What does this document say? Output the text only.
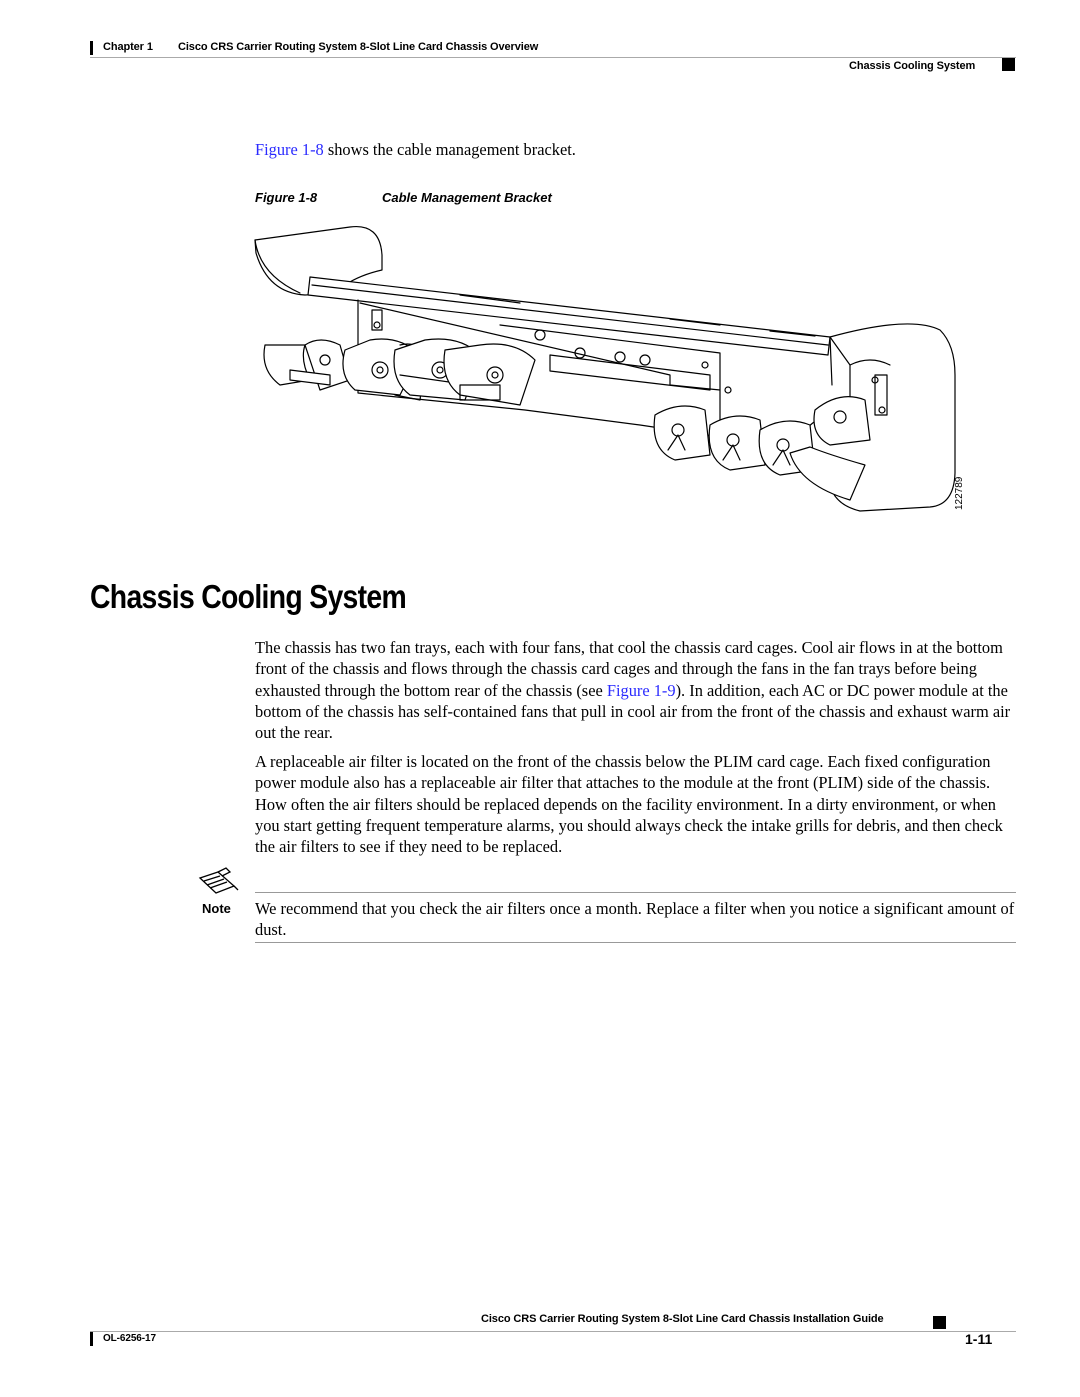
Chapter 1 Cisco CRS Carrier Routing System 8-Slot Line Card Chassis Overview
Chassis Cooling System
Figure 1-8 shows the cable management bracket.
Figure 1-8	Cable Management Bracket
122789
Chassis Cooling System

The chassis has two fan trays, each with four fans, that cool the chassis card cages. Cool air flows in at the bottom front of the chassis and flows through the chassis card cages and through the fans in the fan trays before being exhausted through the bottom rear of the chassis (see Figure 1-9). In addition, each AC or DC power module at the bottom of the chassis has self-contained fans that pull in cool air from the front of the chassis and exhaust warm air out the rear.

A replaceable air filter is located on the front of the chassis below the PLIM card cage. Each fixed configuration power module also has a replaceable air filter that attaches to the module at the front (PLIM) side of the chassis. How often the air filters should be replaced depends on the facility environment. In a dirty environment, or when you start getting frequent temperature alarms, you should always check the intake grills for debris, and then check the air filters to see if they need to be replaced.
Note We recommend that you check the air filters once a month. Replace a filter when you notice a significant amount of dust.
Cisco CRS Carrier Routing System 8-Slot Line Card Chassis Installation Guide
OL-6256-17	1-11
